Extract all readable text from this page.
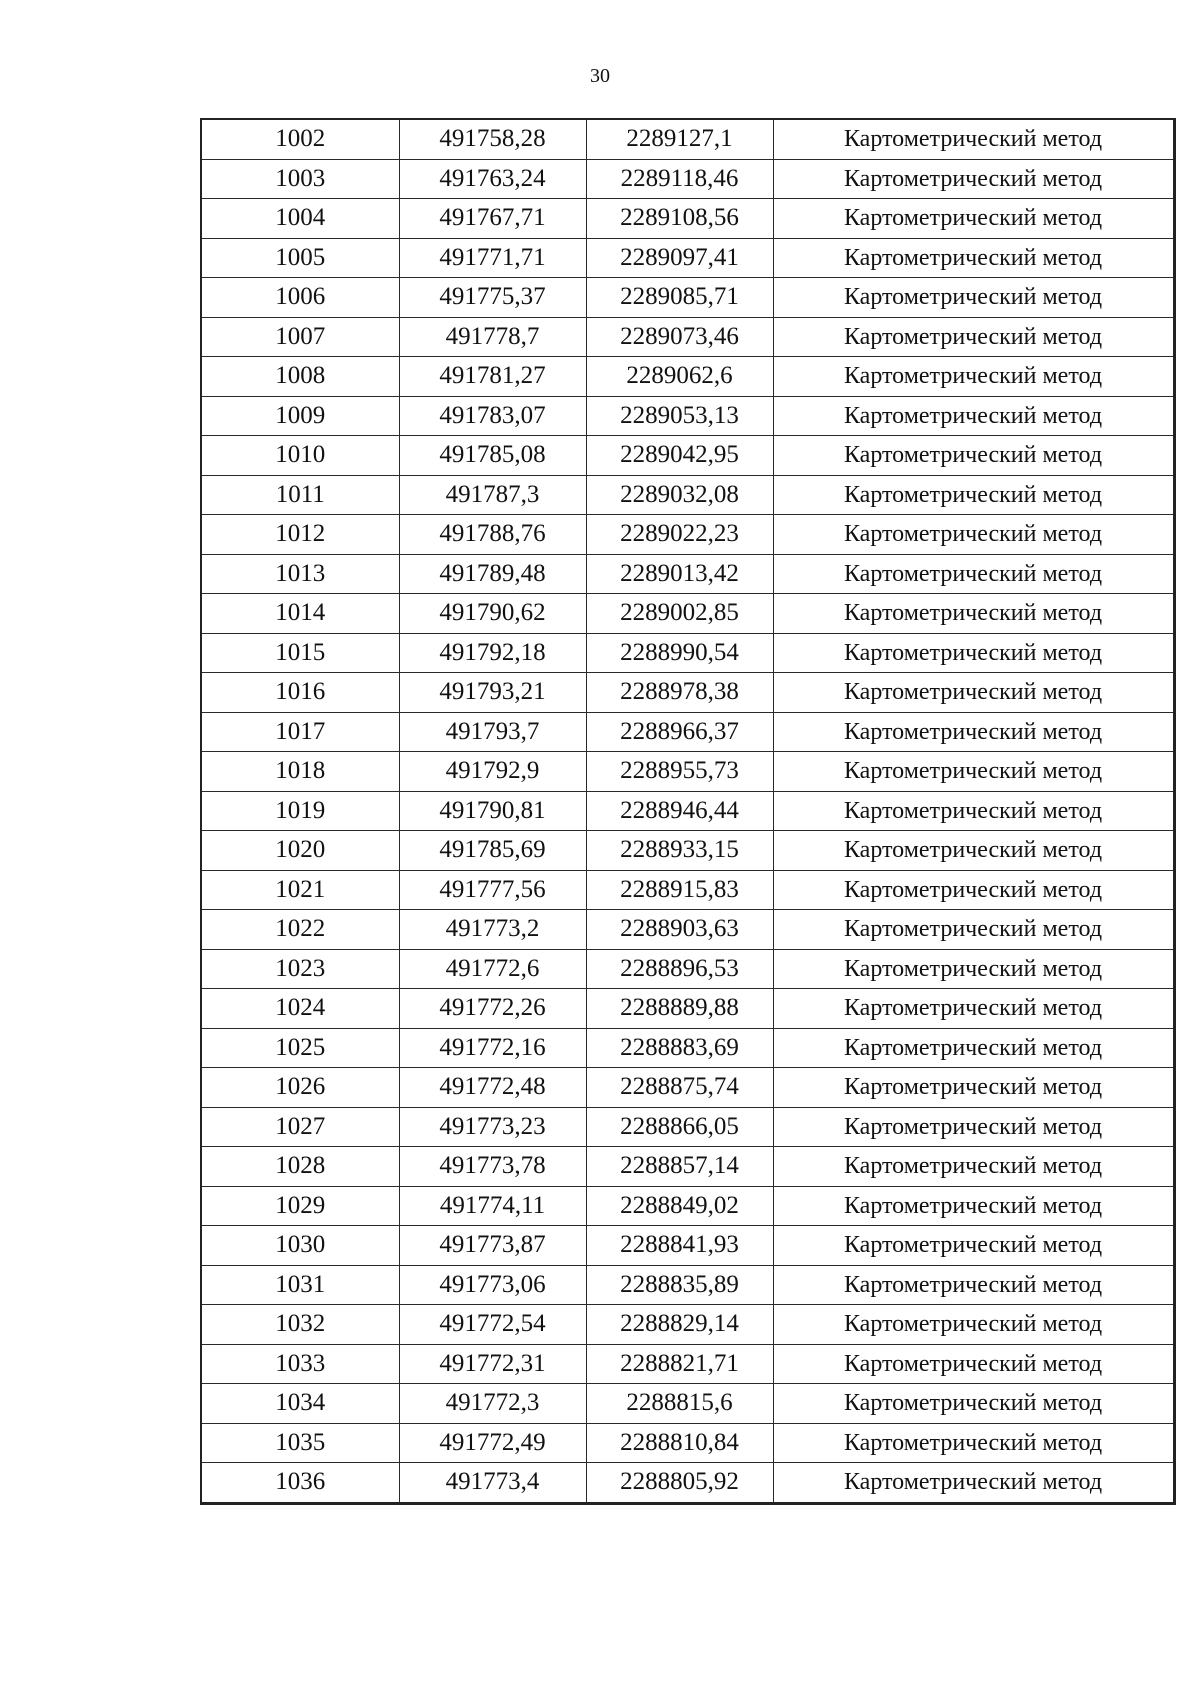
30
1002	491758,28	2289127,1	Картометрический метод
1003	491763,24	2289118,46	Картометрический метод
1004	491767,71	2289108,56	Картометрический метод
1005	491771,71	2289097,41	Картометрический метод
1006	491775,37	2289085,71	Картометрический метод
1007	491778,7	2289073,46	Картометрический метод
1008	491781,27	2289062,6	Картометрический метод
1009	491783,07	2289053,13	Картометрический метод
1010	491785,08	2289042,95	Картометрический метод
1011	491787,3	2289032,08	Картометрический метод
1012	491788,76	2289022,23	Картометрический метод
1013	491789,48	2289013,42	Картометрический метод
1014	491790,62	2289002,85	Картометрический метод
1015	491792,18	2288990,54	Картометрический метод
1016	491793,21	2288978,38	Картометрический метод
1017	491793,7	2288966,37	Картометрический метод
1018	491792,9	2288955,73	Картометрический метод
1019	491790,81	2288946,44	Картометрический метод
1020	491785,69	2288933,15	Картометрический метод
1021	491777,56	2288915,83	Картометрический метод
1022	491773,2	2288903,63	Картометрический метод
1023	491772,6	2288896,53	Картометрический метод
1024	491772,26	2288889,88	Картометрический метод
1025	491772,16	2288883,69	Картометрический метод
1026	491772,48	2288875,74	Картометрический метод
1027	491773,23	2288866,05	Картометрический метод
1028	491773,78	2288857,14	Картометрический метод
1029	491774,11	2288849,02	Картометрический метод
1030	491773,87	2288841,93	Картометрический метод
1031	491773,06	2288835,89	Картометрический метод
1032	491772,54	2288829,14	Картометрический метод
1033	491772,31	2288821,71	Картометрический метод
1034	491772,3	2288815,6	Картометрический метод
1035	491772,49	2288810,84	Картометрический метод
1036	491773,4	2288805,92	Картометрический метод
